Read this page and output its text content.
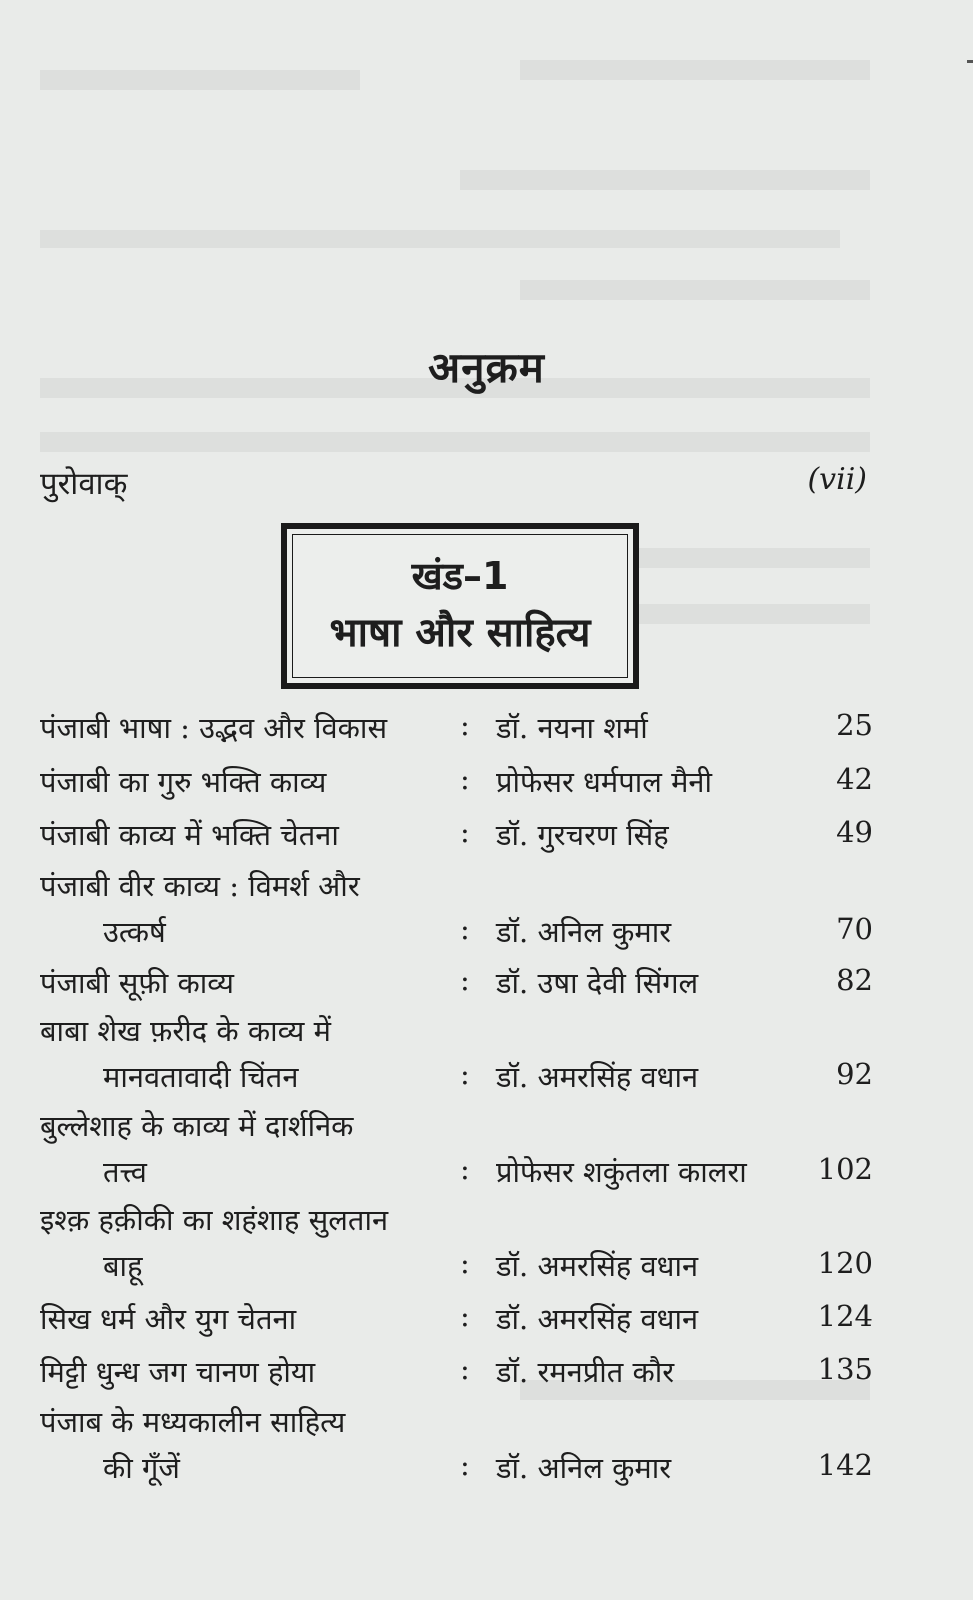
अनुक्रम
पुरोवाक्	(vii)
खंड–1
भाषा और साहित्य
पंजाबी भाषा : उद्भव और विकास	: डॉ. नयना शर्मा	25
पंजाबी का गुरु भक्ति काव्य	: प्रोफेसर धर्मपाल मैनी	42
पंजाबी काव्य में भक्ति चेतना	: डॉ. गुरचरण सिंह	49
पंजाबी वीर काव्य : विमर्श और
उत्कर्ष	: डॉ. अनिल कुमार	70
पंजाबी सूफ़ी काव्य	: डॉ. उषा देवी सिंगल	82
बाबा शेख फ़रीद के काव्य में
मानवतावादी चिंतन	: डॉ. अमरसिंह वधान	92
बुल्लेशाह के काव्य में दार्शनिक
तत्त्व	: प्रोफेसर शकुंतला कालरा 102
इश्क़ हक़ीकी का शहंशाह सुलतान
बाहू	: डॉ. अमरसिंह वधान	120
सिख धर्म और युग चेतना	: डॉ. अमरसिंह वधान	124
मिट्टी धुन्ध जग चानण होया	: डॉ. रमनप्रीत कौर	135
पंजाब के मध्यकालीन साहित्य
की गूँजें	: डॉ. अनिल कुमार	142
